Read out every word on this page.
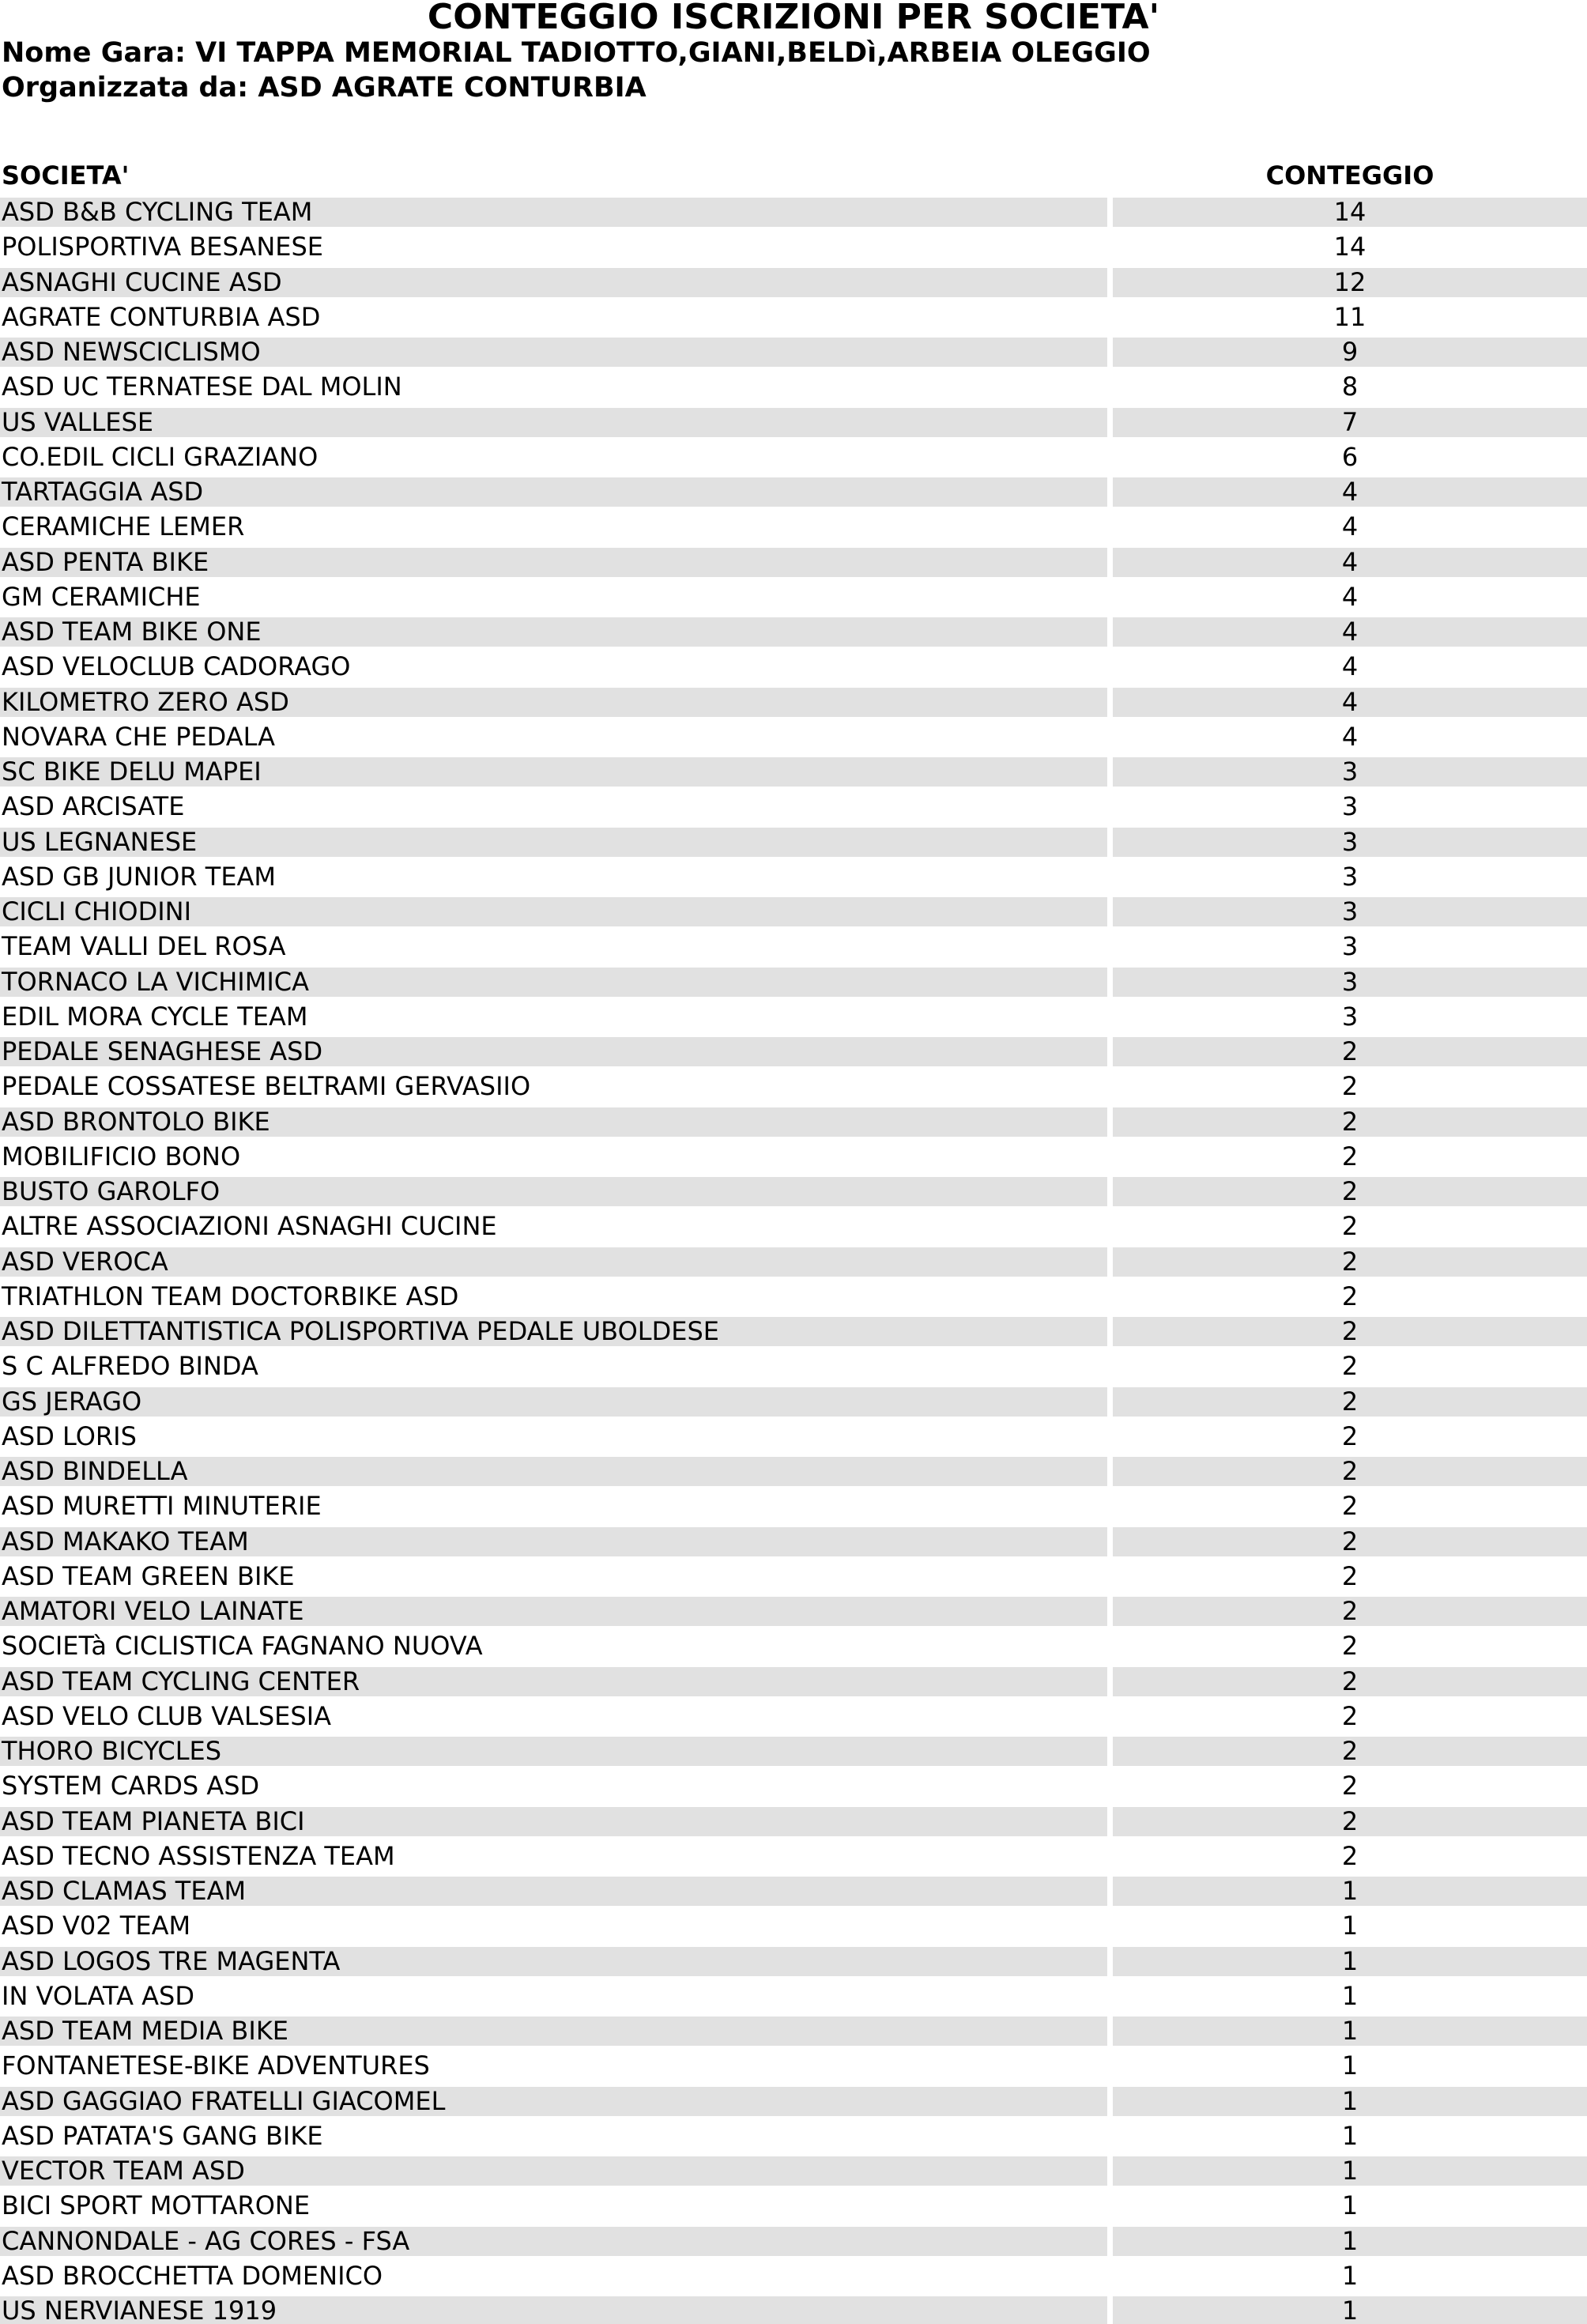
CONTEGGIO ISCRIZIONI PER SOCIETA'
Nome Gara: VI TAPPA MEMORIAL TADIOTTO,GIANI,BELDì,ARBEIA OLEGGIO
Organizzata da: ASD AGRATE CONTURBIA
SOCIETA'	CONTEGGIO
ASD B&B CYCLING TEAM	14
POLISPORTIVA BESANESE	14
ASNAGHI CUCINE ASD	12
AGRATE CONTURBIA ASD	11
ASD NEWSCICLISMO	9
ASD UC TERNATESE DAL MOLIN	8
US VALLESE	7
CO.EDIL CICLI GRAZIANO	6
TARTAGGIA ASD	4
CERAMICHE LEMER	4
ASD PENTA BIKE	4
GM CERAMICHE	4
ASD TEAM BIKE ONE	4
ASD VELOCLUB CADORAGO	4
KILOMETRO ZERO ASD	4
NOVARA CHE PEDALA	4
SC BIKE DELU MAPEI	3
ASD ARCISATE	3
US LEGNANESE	3
ASD GB JUNIOR TEAM	3
CICLI CHIODINI	3
TEAM VALLI DEL ROSA	3
TORNACO LA VICHIMICA	3
EDIL MORA CYCLE TEAM	3
PEDALE SENAGHESE ASD	2
PEDALE COSSATESE BELTRAMI GERVASIIO	2
ASD BRONTOLO BIKE	2
MOBILIFICIO BONO	2
BUSTO GAROLFO	2
ALTRE ASSOCIAZIONI ASNAGHI CUCINE	2
ASD VEROCA	2
TRIATHLON TEAM DOCTORBIKE ASD	2
ASD DILETTANTISTICA POLISPORTIVA PEDALE UBOLDESE	2
S C ALFREDO BINDA	2
GS JERAGO	2
ASD LORIS	2
ASD BINDELLA	2
ASD MURETTI MINUTERIE	2
ASD MAKAKO TEAM	2
ASD TEAM GREEN BIKE	2
AMATORI VELO LAINATE	2
SOCIETà CICLISTICA FAGNANO NUOVA	2
ASD TEAM CYCLING CENTER	2
ASD VELO CLUB VALSESIA	2
THORO BICYCLES	2
SYSTEM CARDS ASD	2
ASD TEAM PIANETA BICI	2
ASD TECNO ASSISTENZA TEAM	2
ASD CLAMAS TEAM	1
ASD V02 TEAM	1
ASD LOGOS TRE MAGENTA	1
IN VOLATA ASD	1
ASD TEAM MEDIA BIKE	1
FONTANETESE-BIKE ADVENTURES	1
ASD GAGGIAO FRATELLI GIACOMEL	1
ASD PATATA'S GANG BIKE	1
VECTOR TEAM ASD	1
BICI SPORT MOTTARONE	1
CANNONDALE - AG CORES - FSA	1
ASD BROCCHETTA DOMENICO	1
US NERVIANESE 1919	1
